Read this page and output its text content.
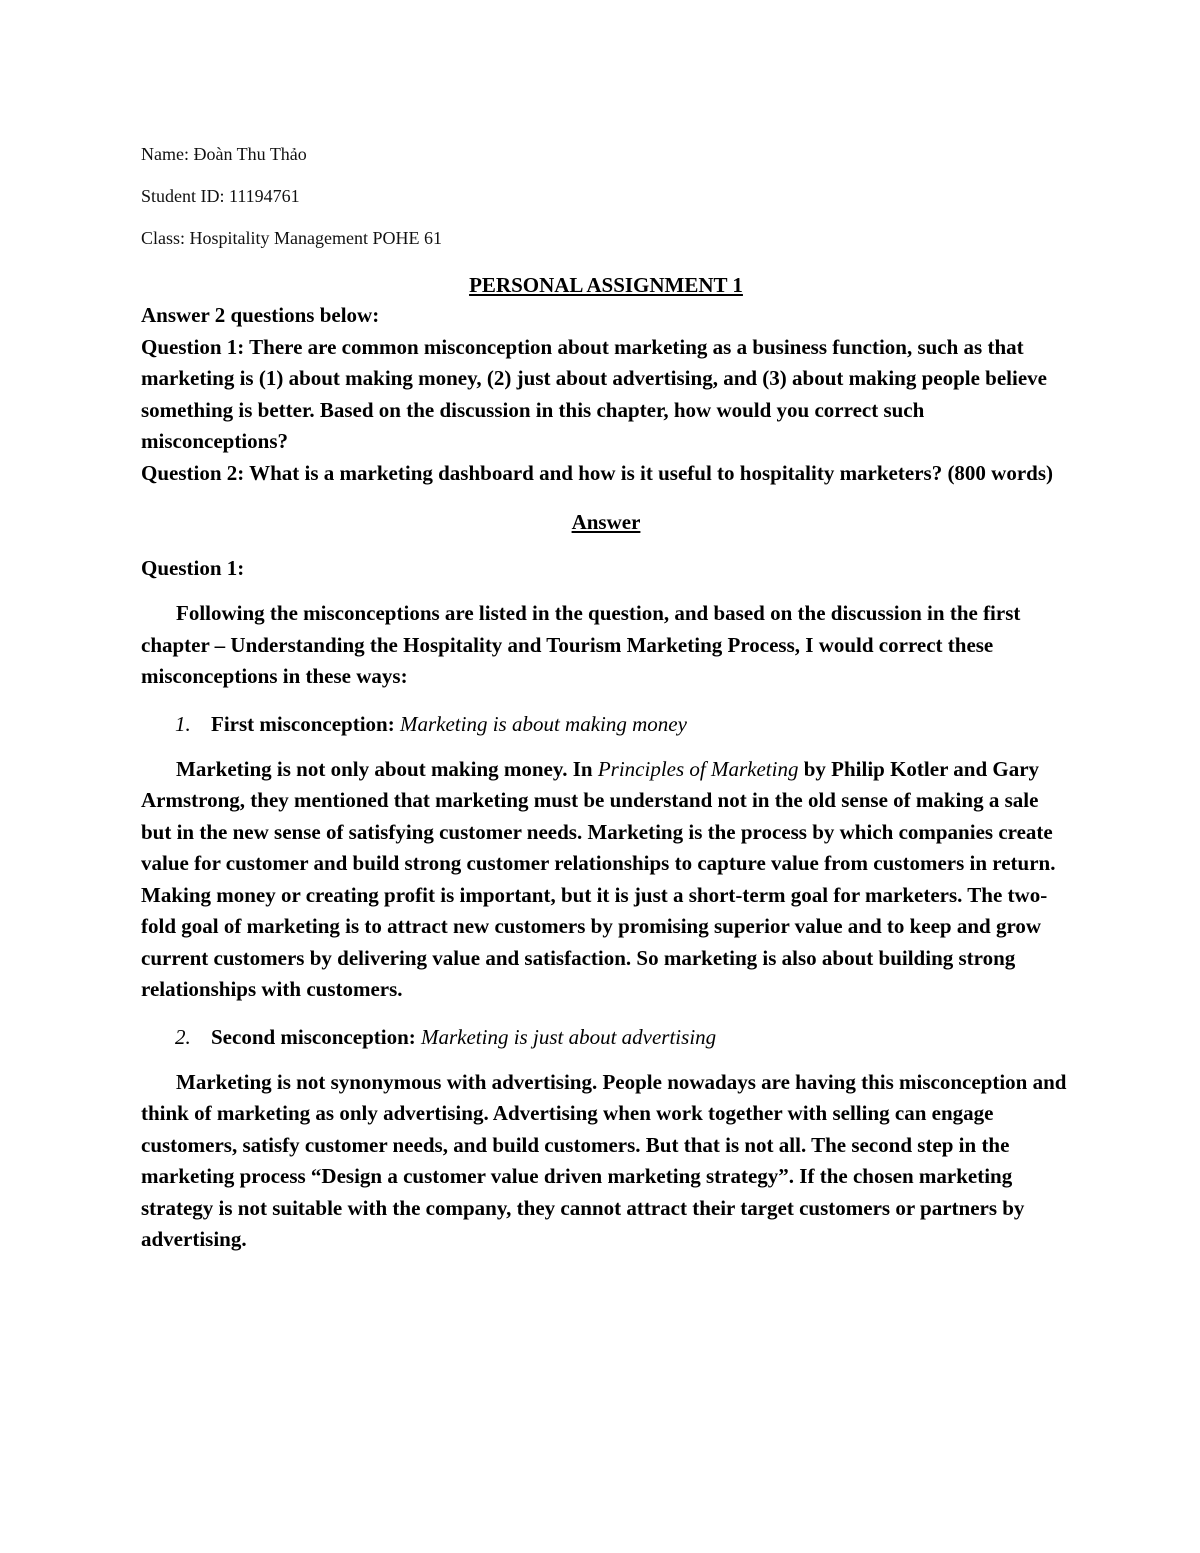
Name: Đoàn Thu Thảo

Student ID: 11194761

Class: Hospitality Management POHE 61

PERSONAL ASSIGNMENT 1

Answer 2 questions below:

Question 1: There are common misconception about marketing as a business function, such as that marketing is (1) about making money, (2) just about advertising, and (3) about making people believe something is better. Based on the discussion in this chapter, how would you correct such misconceptions?

Question 2: What is a marketing dashboard and how is it useful to hospitality marketers? (800 words)

Answer
Question 1:

Following the misconceptions are listed in the question, and based on the discussion in the first chapter – Understanding the Hospitality and Tourism Marketing Process, I would correct these misconceptions in these ways:

1. First misconception: Marketing is about making money

Marketing is not only about making money. In Principles of Marketing by Philip Kotler and Gary Armstrong, they mentioned that marketing must be understand not in the old sense of making a sale but in the new sense of satisfying customer needs. Marketing is the process by which companies create value for customer and build strong customer relationships to capture value from customers in return. Making money or creating profit is important, but it is just a short-term goal for marketers. The two-fold goal of marketing is to attract new customers by promising superior value and to keep and grow current customers by delivering value and satisfaction. So marketing is also about building strong relationships with customers.

2. Second misconception: Marketing is just about advertising

Marketing is not synonymous with advertising. People nowadays are having this misconception and think of marketing as only advertising. Advertising when work together with selling can engage customers, satisfy customer needs, and build customers. But that is not all. The second step in the marketing process “Design a customer value driven marketing strategy”. If the chosen marketing strategy is not suitable with the company, they cannot attract their target customers or partners by advertising.
